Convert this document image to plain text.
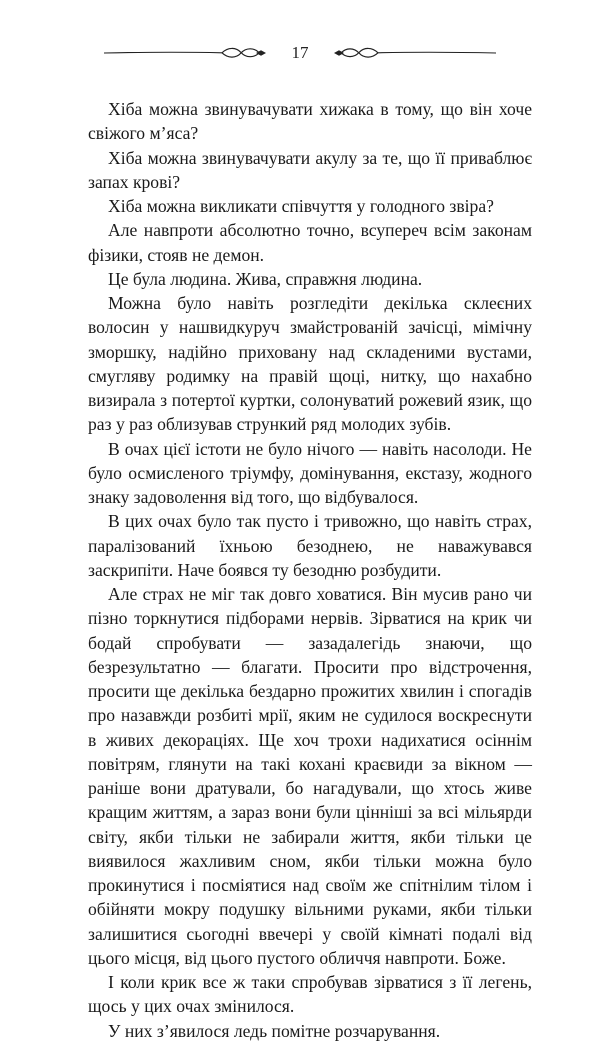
17

Хіба можна звинувачувати хижака в тому, що він хоче свіжого м’яса?

Хіба можна звинувачувати акулу за те, що її приваблює запах крові?

Хіба можна викликати співчуття у голодного звіра?

Але навпроти абсолютно точно, всупереч всім законам фізики, стояв не демон.

Це була людина. Жива, справжня людина.

Можна було навіть розгледіти декілька склеєних волосин у нашвидкуруч змайстрованій зачісці, мімічну зморшку, надійно приховану над складеними вустами, смугляву родимку на правій щоці, нитку, що нахабно визирала з потертої куртки, солонуватий рожевий язик, що раз у раз облизував стрункий ряд молодих зубів.

В очах цієї істоти не було нічого — навіть насолоди. Не було осмисленого тріумфу, домінування, екстазу, жодного знаку задоволення від того, що відбувалося.

В цих очах було так пусто і тривожно, що навіть страх, паралізований їхньою безоднею, не наважувався заскрипіти. Наче боявся ту безодню розбудити.

Але страх не міг так довго ховатися. Він мусив рано чи пізно торкнутися підборами нервів. Зірватися на крик чи бодай спробувати — зазадалегідь знаючи, що безрезультатно — благати. Просити про відстрочення, просити ще декілька бездарно прожитих хвилин і спогадів про назавжди розбиті мрії, яким не судилося воскреснути в живих декораціях. Ще хоч трохи надихатися осіннім повітрям, глянути на такі кохані краєвиди за вікном — раніше вони дратували, бо нагадували, що хтось живе кращим життям, а зараз вони були ціннішi за всі мільярди світу, якби тільки не забирали життя, якби тільки це виявилося жахливим сном, якби тільки можна було прокинутися і посміятися над своїм же спітнілим тілом і обійняти мокру подушку вільними руками, якби тільки залишитися сьогодні ввечері у своїй кімнаті подалі від цього місця, від цього пустого обличчя навпроти. Боже.

І коли крик все ж таки спробував зірватися з її легень, щось у цих очах змінилося.

У них з’явилося ледь помітне розчарування.
